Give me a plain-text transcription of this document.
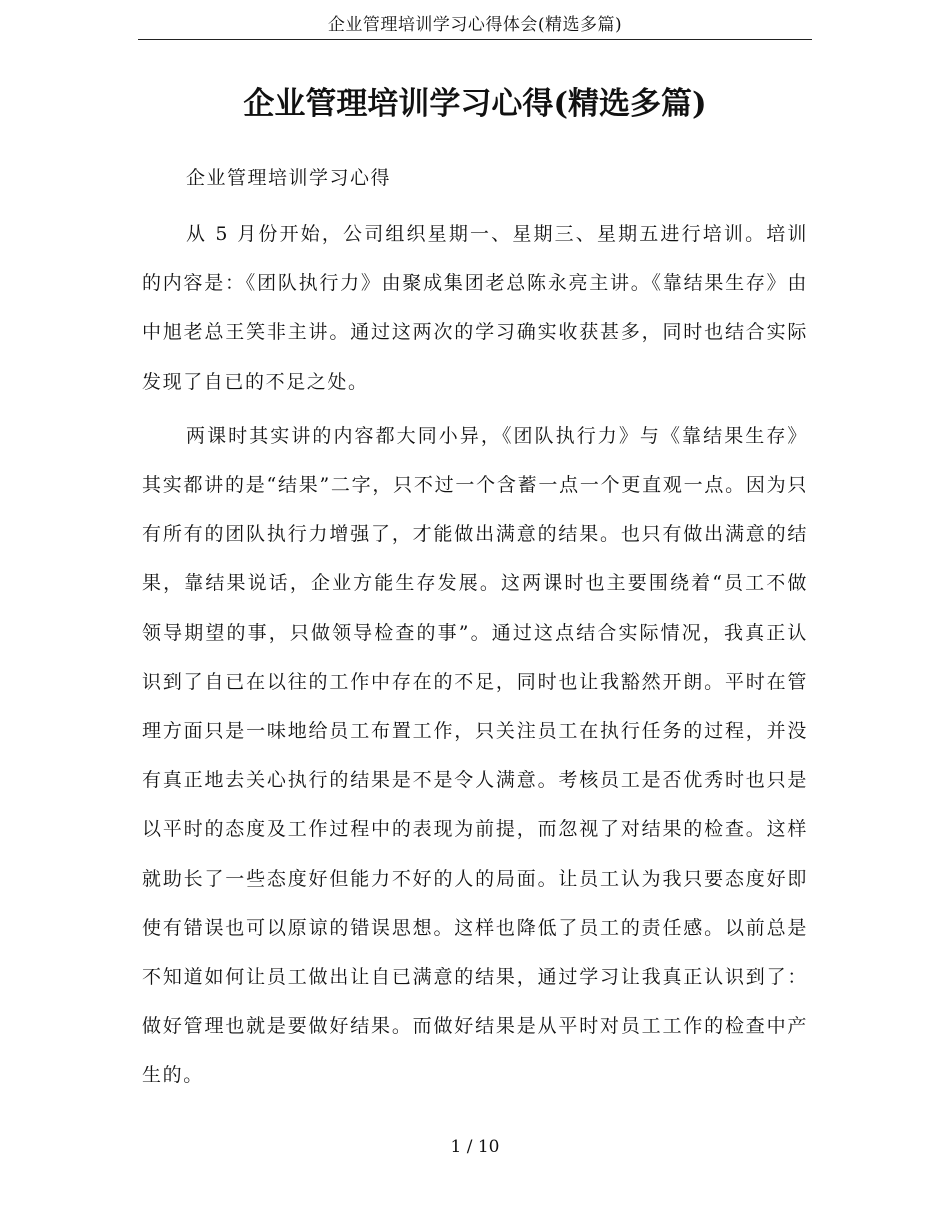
企业管理培训学习心得体会(精选多篇)
企业管理培训学习心得(精选多篇)

企业管理培训学习心得

从 5 月份开始，公司组织星期一、星期三、星期五进行培训。培训的内容是：《团队执行力》由聚成集团老总陈永亮主讲。《靠结果生存》由中旭老总王笑非主讲。通过这两次的学习确实收获甚多，同时也结合实际发现了自已的不足之处。

两课时其实讲的内容都大同小异，《团队执行力》与《靠结果生存》其实都讲的是“结果”二字，只不过一个含蓄一点一个更直观一点。因为只有所有的团队执行力增强了，才能做出满意的结果。也只有做出满意的结果，靠结果说话，企业方能生存发展。这两课时也主要围绕着“员工不做领导期望的事，只做领导检查的事”。通过这点结合实际情况，我真正认识到了自已在以往的工作中存在的不足，同时也让我豁然开朗。平时在管理方面只是一味地给员工布置工作，只关注员工在执行任务的过程，并没有真正地去关心执行的结果是不是令人满意。考核员工是否优秀时也只是以平时的态度及工作过程中的表现为前提，而忽视了对结果的检查。这样就助长了一些态度好但能力不好的人的局面。让员工认为我只要态度好即使有错误也可以原谅的错误思想。这样也降低了员工的责任感。以前总是不知道如何让员工做出让自已满意的结果，通过学习让我真正认识到了：做好管理也就是要做好结果。而做好结果是从平时对员工工作的检查中产生的。

1 / 10
